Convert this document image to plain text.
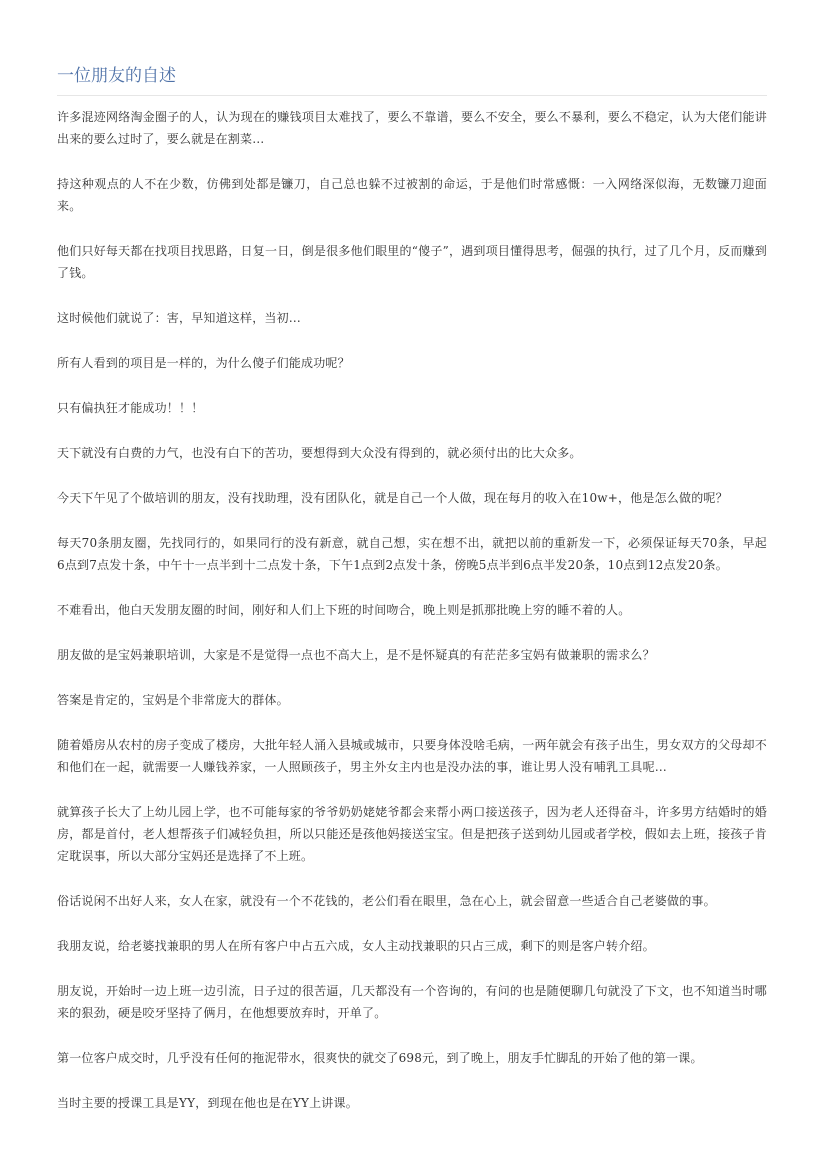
一位朋友的自述

许多混迹网络淘金圈子的人，认为现在的赚钱项目太难找了，要么不靠谱，要么不安全，要么不暴利，要么不稳定，认为大佬们能讲出来的要么过时了，要么就是在割菜…

持这种观点的人不在少数，仿佛到处都是镰刀，自己总也躲不过被割的命运，于是他们时常感慨：一入网络深似海，无数镰刀迎面来。

他们只好每天都在找项目找思路，日复一日，倒是很多他们眼里的“傻子”，遇到项目懂得思考，倔强的执行，过了几个月，反而赚到了钱。

这时候他们就说了：害，早知道这样，当初…

所有人看到的项目是一样的，为什么傻子们能成功呢？

只有偏执狂才能成功！！！

天下就没有白费的力气，也没有白下的苦功，要想得到大众没有得到的，就必须付出的比大众多。

今天下午见了个做培训的朋友，没有找助理，没有团队化，就是自己一个人做，现在每月的收入在10w+，他是怎么做的呢？

每天70条朋友圈，先找同行的，如果同行的没有新意，就自己想，实在想不出，就把以前的重新发一下，必须保证每天70条，早起6点到7点发十条，中午十一点半到十二点发十条，下午1点到2点发十条，傍晚5点半到6点半发20条，10点到12点发20条。

不难看出，他白天发朋友圈的时间，刚好和人们上下班的时间吻合，晚上则是抓那批晚上穷的睡不着的人。

朋友做的是宝妈兼职培训，大家是不是觉得一点也不高大上，是不是怀疑真的有茫茫多宝妈有做兼职的需求么？

答案是肯定的，宝妈是个非常庞大的群体。

随着婚房从农村的房子变成了楼房，大批年轻人涌入县城或城市，只要身体没啥毛病，一两年就会有孩子出生，男女双方的父母却不和他们在一起，就需要一人赚钱养家，一人照顾孩子，男主外女主内也是没办法的事，谁让男人没有哺乳工具呢…

就算孩子长大了上幼儿园上学，也不可能每家的爷爷奶奶姥姥爷都会来帮小两口接送孩子，因为老人还得奋斗，许多男方结婚时的婚房，都是首付，老人想帮孩子们减轻负担，所以只能还是孩他妈接送宝宝。但是把孩子送到幼儿园或者学校，假如去上班，接孩子肯定耽误事，所以大部分宝妈还是选择了不上班。

俗话说闲不出好人来，女人在家，就没有一个不花钱的，老公们看在眼里，急在心上，就会留意一些适合自己老婆做的事。

我朋友说，给老婆找兼职的男人在所有客户中占五六成，女人主动找兼职的只占三成，剩下的则是客户转介绍。

朋友说，开始时一边上班一边引流，日子过的很苦逼，几天都没有一个咨询的，有问的也是随便聊几句就没了下文，也不知道当时哪来的狠劲，硬是咬牙坚持了俩月，在他想要放弃时，开单了。

第一位客户成交时，几乎没有任何的拖泥带水，很爽快的就交了698元，到了晚上，朋友手忙脚乱的开始了他的第一课。

当时主要的授课工具是YY，到现在他也是在YY上讲课。
